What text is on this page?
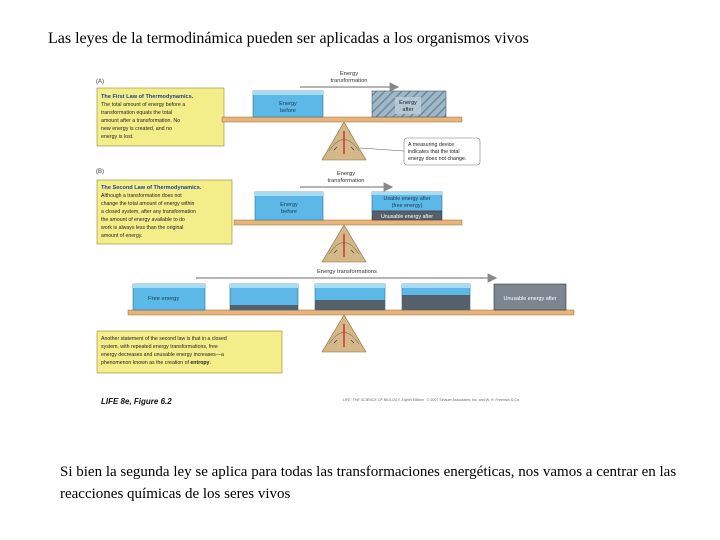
Las leyes de la termodinámica pueden ser aplicadas a los organismos vivos
(A)
The First Law of Thermodynamics.
The total amount of energy before a
transformation equals the total
amount after a transformation. No
new energy is created, and no
energy is lost.
Energy
transformation
Energy
before
Energy
after
A measuring device
indicates that the total
energy does not change.
(B)
The Second Law of Thermodynamics.
Although a transformation does not
change the total amount of energy within
a closed system, after any transformation
the amount of energy available to do
work is always less than the original
amount of energy.
Energy
transformation
Energy
before
Usable energy after
(free energy)
Unusable energy after
Energy transformations
Free energy	Unusable energy after
Another statement of the second law is that in a closed
system, with repeated energy transformations, free
energy decreases and unusable energy increases—a
phenomenon known as the creation of entropy.
LIFE 8e, Figure 6.2	LIFE: THE SCIENCE OF BIOLOGY, Eighth Edition © 2007 Sinauer Associates, Inc. and W. H. Freeman & Co.
Si bien la segunda ley se aplica para todas las transformaciones energéticas, nos vamos a centrar en las reacciones químicas de los seres vivos
